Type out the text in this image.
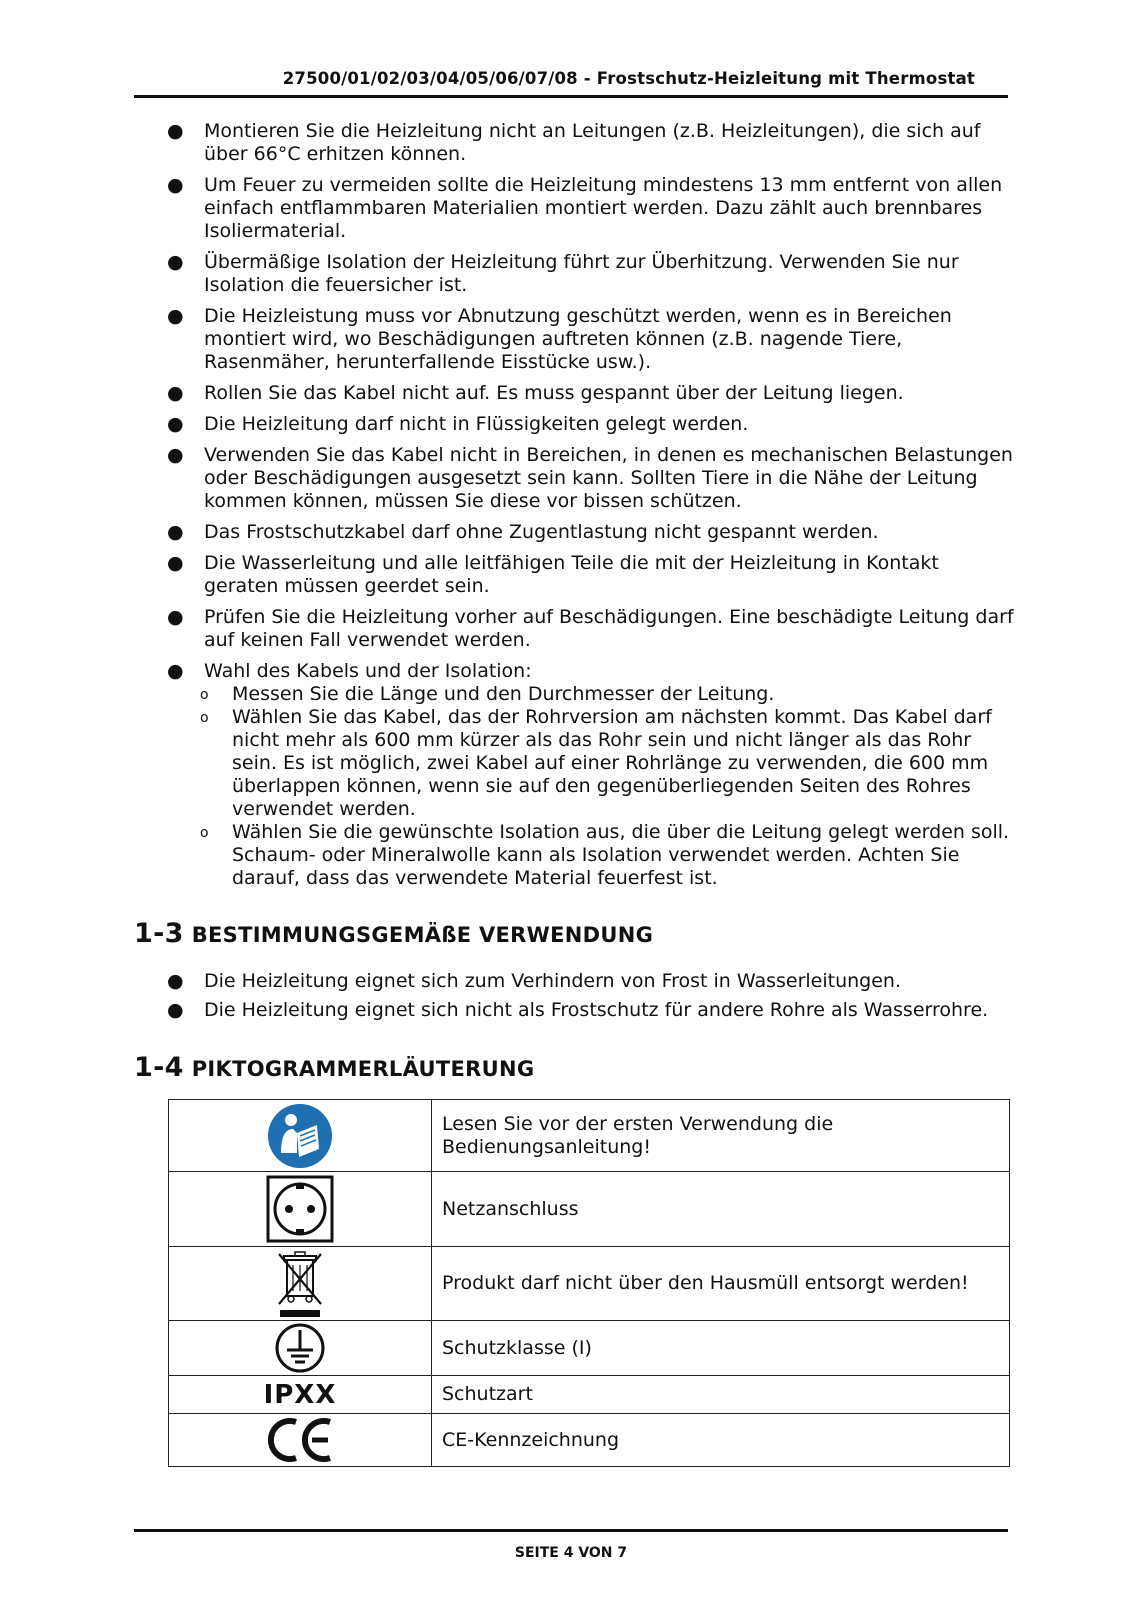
27500/01/02/03/04/05/06/07/08 - Frostschutz-Heizleitung mit Thermostat
● Montieren Sie die Heizleitung nicht an Leitungen (z.B. Heizleitungen), die sich auf über 66°C erhitzen können.
● Um Feuer zu vermeiden sollte die Heizleitung mindestens 13 mm entfernt von allen einfach entflammbaren Materialien montiert werden. Dazu zählt auch brennbares Isoliermaterial.
● Übermäßige Isolation der Heizleitung führt zur Überhitzung. Verwenden Sie nur Isolation die feuersicher ist.
● Die Heizleistung muss vor Abnutzung geschützt werden, wenn es in Bereichen montiert wird, wo Beschädigungen auftreten können (z.B. nagende Tiere, Rasenmäher, herunterfallende Eisstücke usw.).
● Rollen Sie das Kabel nicht auf. Es muss gespannt über der Leitung liegen.
● Die Heizleitung darf nicht in Flüssigkeiten gelegt werden.
● Verwenden Sie das Kabel nicht in Bereichen, in denen es mechanischen Belastungen oder Beschädigungen ausgesetzt sein kann. Sollten Tiere in die Nähe der Leitung kommen können, müssen Sie diese vor bissen schützen.
● Das Frostschutzkabel darf ohne Zugentlastung nicht gespannt werden.
● Die Wasserleitung und alle leitfähigen Teile die mit der Heizleitung in Kontakt geraten müssen geerdet sein.
● Prüfen Sie die Heizleitung vorher auf Beschädigungen. Eine beschädigte Leitung darf auf keinen Fall verwendet werden.
● Wahl des Kabels und der Isolation:
o Messen Sie die Länge und den Durchmesser der Leitung.
o Wählen Sie das Kabel, das der Rohrversion am nächsten kommt. Das Kabel darf nicht mehr als 600 mm kürzer als das Rohr sein und nicht länger als das Rohr sein. Es ist möglich, zwei Kabel auf einer Rohrlänge zu verwenden, die 600 mm überlappen können, wenn sie auf den gegenüberliegenden Seiten des Rohres verwendet werden.
o Wählen Sie die gewünschte Isolation aus, die über die Leitung gelegt werden soll. Schaum- oder Mineralwolle kann als Isolation verwendet werden. Achten Sie darauf, dass das verwendete Material feuerfest ist.
1-3 BESTIMMUNGSGEMÄßE VERWENDUNG
● Die Heizleitung eignet sich zum Verhindern von Frost in Wasserleitungen.
● Die Heizleitung eignet sich nicht als Frostschutz für andere Rohre als Wasserrohre.
1-4 PIKTOGRAMMERLÄUTERUNG
	Lesen Sie vor der ersten Verwendung die Bedienungsanleitung!

	Netzanschluss

	Produkt darf nicht über den Hausmüll entsorgt werden!

	Schutzklasse (I)
IPXX	Schutzart

	CE-Kennzeichnung
SEITE 4 VON 7
